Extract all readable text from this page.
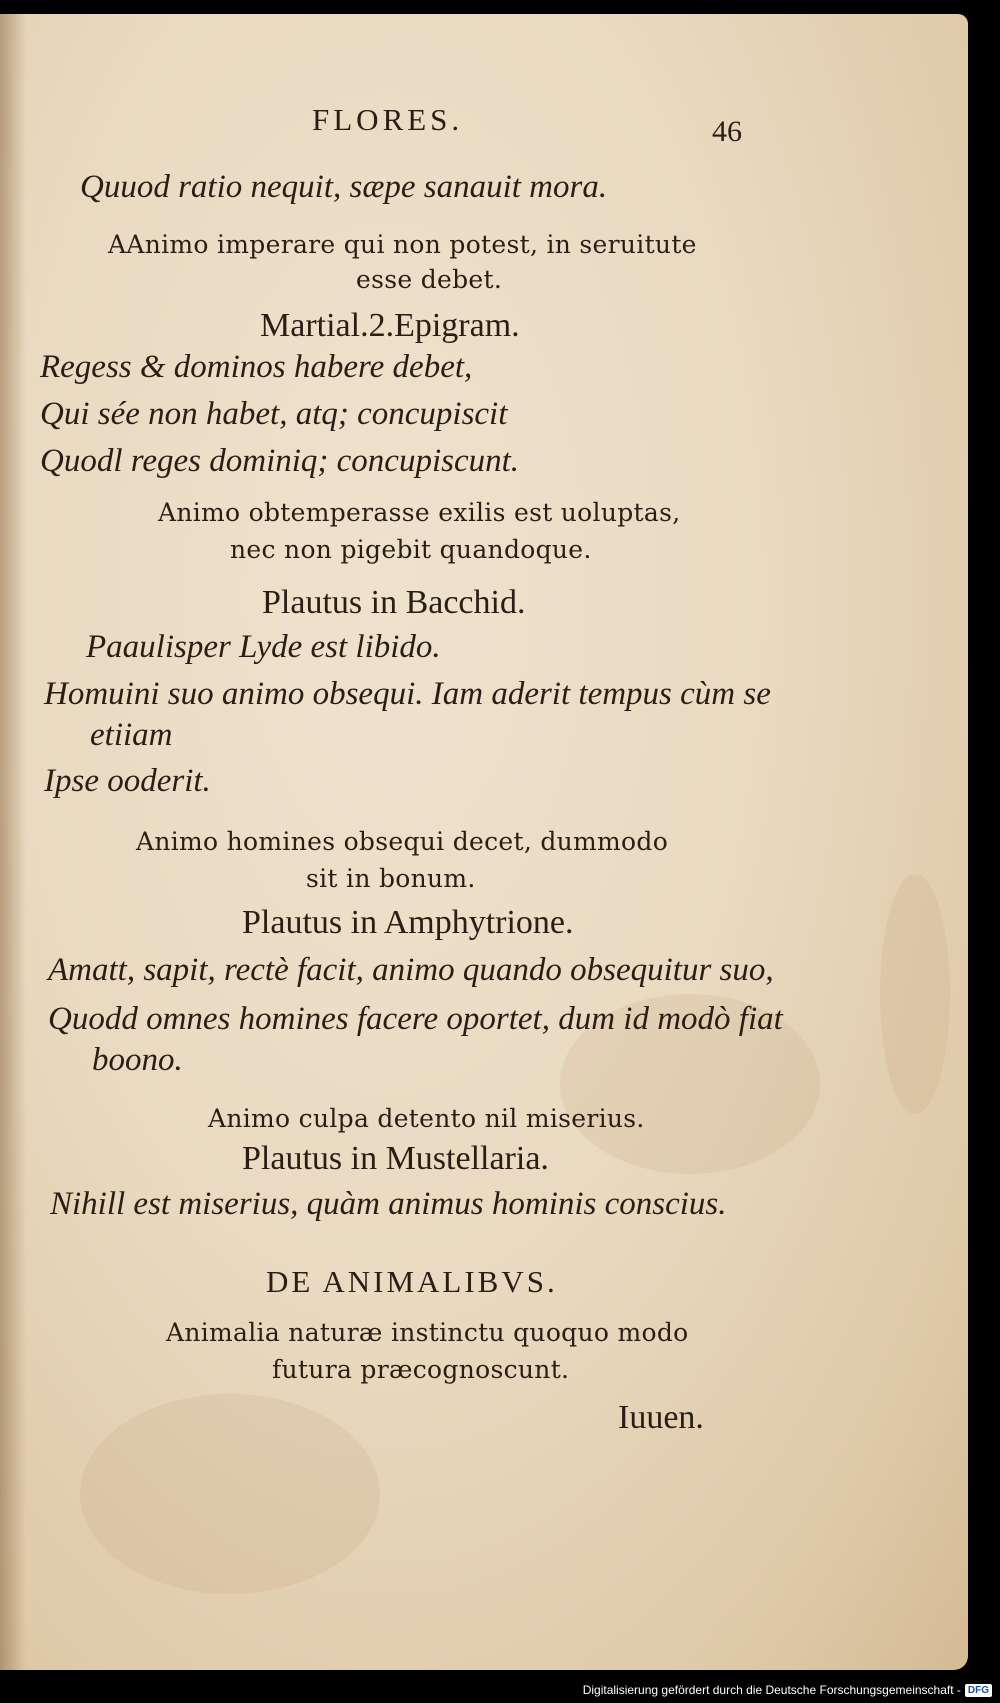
FLORES.	46
Quuod ratio nequit, sæpe sanauit mora.
AAnimo imperare qui non potest, in seruitute
esse debet.
Martial.2.Epigram.
Regess & dominos habere debet,
Qui sée non habet, atq; concupiscit
Quodl reges dominiq; concupiscunt.
Animo obtemperasse exilis est uoluptas,
nec non pigebit quandoque.
Plautus in Bacchid.
Paaulisper Lyde est libido.
Homuini suo animo obsequi. Iam aderit tempus cùm se
etiiam
Ipse ooderit.
Animo homines obsequi decet, dummodo
sit in bonum.
Plautus in Amphytrione.
Amatt, sapit, rectè facit, animo quando obsequitur suo,
Quodd omnes homines facere oportet, dum id modò fiat
boono.
Animo culpa detento nil miserius.
Plautus in Mustellaria.
Nihill est miserius, quàm animus hominis conscius.
DE ANIMALIBVS.
Animalia naturæ instinctu quoquo modo
futura præcognoscunt.
Iuuen.
Digitalisierung gefördert durch die Deutsche Forschungsgemeinschaft - DFG
